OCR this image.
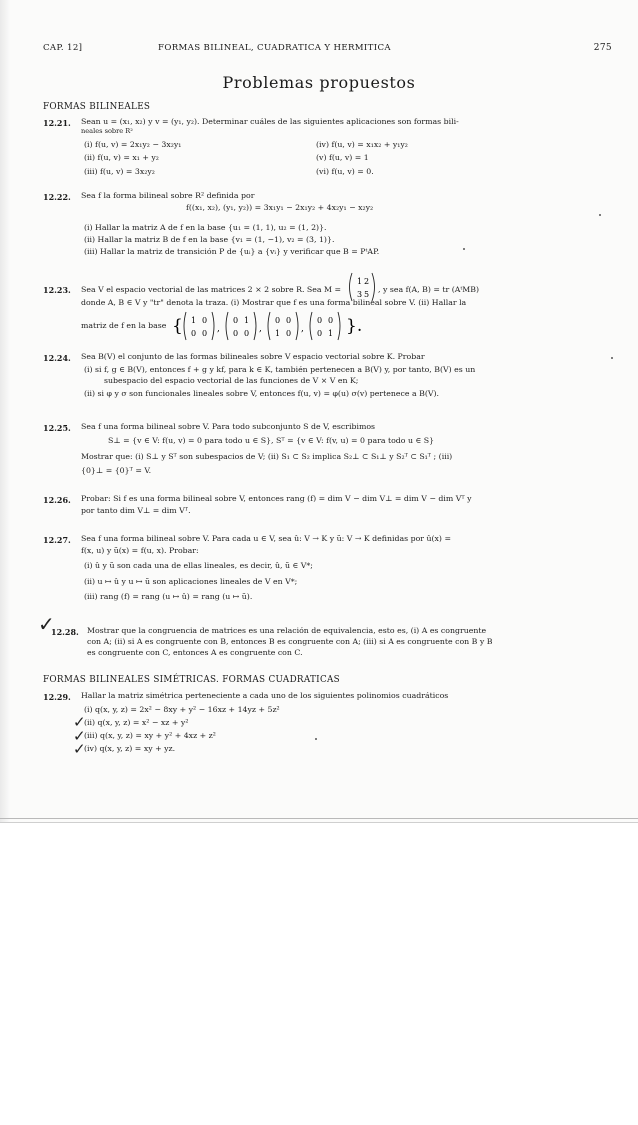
CAP. 12]	FORMAS BILINEAL, CUADRATICA Y HERMITICA	275
Problemas propuestos
FORMAS BILINEALES
12.21. Sean u = (x₁, x₂) y v = (y₁, y₂). Determinar cuáles de las siguientes aplicaciones son formas bili-
neales sobre R²
(i) f(u, v) = 2x₁y₂ − 3x₂y₁
(ii) f(u, v) = x₁ + y₂
(iii) f(u, v) = 3x₂y₂
(iv) f(u, v) = x₁x₂ + y₁y₂
(v) f(u, v) = 1
(vi) f(u, v) = 0.
12.22. Sea f la forma bilineal sobre R² definida por
f((x₁, x₂), (y₁, y₂)) = 3x₁y₁ − 2x₁y₂ + 4x₂y₁ − x₂y₂
(i) Hallar la matriz A de f en la base {u₁ = (1, 1), u₂ = (1, 2)}.
(ii) Hallar la matriz B de f en la base {v₁ = (1, −1), v₂ = (3, 1)}.
(iii) Hallar la matriz de transición P de {uᵢ} a {vᵢ} y verificar que B = PᵗAP.
12.23. Sea V el espacio vectorial de las matrices 2 × 2 sobre R. Sea M =
1 2
3 5
, y sea f(A, B) = tr (AᵗMB)
donde A, B ∈ V y "tr" denota la traza. (i) Mostrar que f es una forma bilineal sobre V. (ii) Hallar la
matriz de f en la base { 1 0
0 0 ,
0 1
0 0 ,
0 0
1 0 ,
0 0
0 1 }.
12.24. Sea B(V) el conjunto de las formas bilineales sobre V espacio vectorial sobre K. Probar
(i) si f, g ∈ B(V), entonces f + g y kf, para k ∈ K, también pertenecen a B(V) y, por tanto, B(V) es un
subespacio del espacio vectorial de las funciones de V × V en K;
(ii) si φ y σ son funcionales lineales sobre V, entonces f(u, v) = φ(u) σ(v) pertenece a B(V).
12.25. Sea f una forma bilineal sobre V. Para todo subconjunto S de V, escribimos
S⊥ = {v ∈ V: f(u, v) = 0 para todo u ∈ S}, Sᵀ = {v ∈ V: f(v, u) = 0 para todo u ∈ S}
Mostrar que: (i) S⊥ y Sᵀ son subespacios de V; (ii) S₁ ⊂ S₂ implica S₂⊥ ⊂ S₁⊥ y S₂ᵀ ⊂ S₁ᵀ ; (iii)
{0}⊥ = {0}ᵀ = V.
12.26. Probar: Si f es una forma bilineal sobre V, entonces rang (f) = dim V − dim V⊥ = dim V − dim Vᵀ y
por tanto dim V⊥ = dim Vᵀ.
12.27. Sea f una forma bilineal sobre V. Para cada u ∈ V, sea û: V → K y ũ: V → K definidas por û(x) =
f(x, u) y ũ(x) = f(u, x). Probar:
(i) û y ũ son cada una de ellas lineales, es decir, û, ũ ∈ V*;
(ii) u ↦ û y u ↦ ũ son aplicaciones lineales de V en V*;
(iii) rang (f) = rang (u ↦ û) = rang (u ↦ ũ).
✓
12.28. Mostrar que la congruencia de matrices es una relación de equivalencia, esto es, (i) A es congruente
con A; (ii) si A es congruente con B, entonces B es congruente con A; (iii) si A es congruente con B y B
es congruente con C, entonces A es congruente con C.
FORMAS BILINEALES SIMÉTRICAS. FORMAS CUADRATICAS
12.29. Hallar la matriz simétrica perteneciente a cada uno de los siguientes polinomios cuadráticos
(i) q(x, y, z) = 2x² − 8xy + y² − 16xz + 14yz + 5z²
✓
(ii) q(x, y, z) = x² − xz + y²
✓
(iii) q(x, y, z) = xy + y² + 4xz + z²
✓
(iv) q(x, y, z) = xy + yz.
